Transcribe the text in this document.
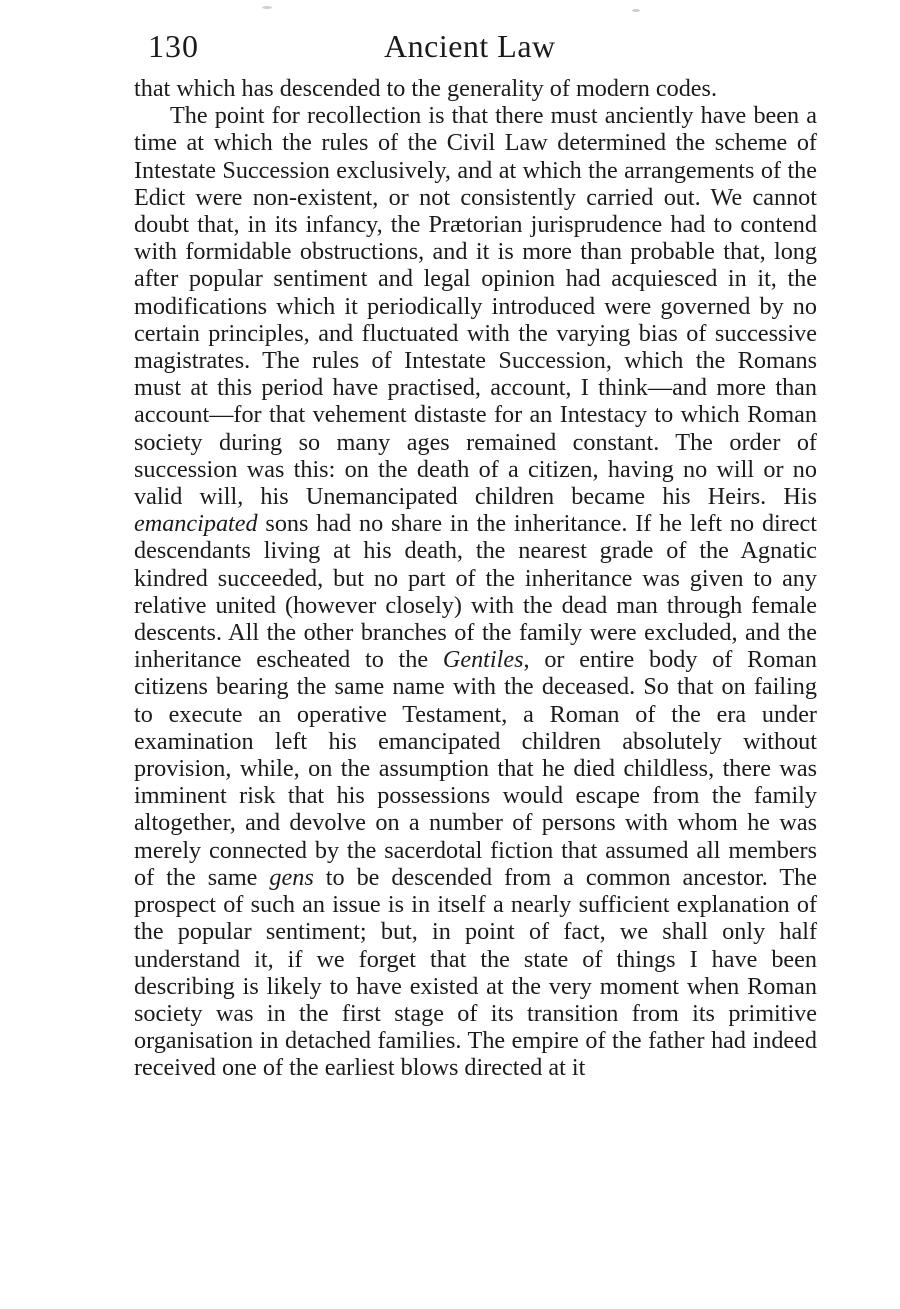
130	Ancient Law

that which has descended to the generality of modern codes.

The point for recollection is that there must anciently have been a time at which the rules of the Civil Law determined the scheme of Intestate Succession exclusively, and at which the arrangements of the Edict were non-existent, or not consistently carried out. We cannot doubt that, in its infancy, the Prætorian jurisprudence had to contend with formidable obstructions, and it is more than probable that, long after popular sentiment and legal opinion had acquiesced in it, the modifications which it periodically introduced were governed by no certain principles, and fluctuated with the varying bias of successive magistrates. The rules of Intestate Succession, which the Romans must at this period have practised, account, I think—and more than account—for that vehement distaste for an Intestacy to which Roman society during so many ages remained constant. The order of succession was this: on the death of a citizen, having no will or no valid will, his Unemancipated children became his Heirs. His emancipated sons had no share in the inheritance. If he left no direct descendants living at his death, the nearest grade of the Agnatic kindred succeeded, but no part of the inheritance was given to any relative united (however closely) with the dead man through female descents. All the other branches of the family were excluded, and the inheritance escheated to the Gentiles, or entire body of Roman citizens bearing the same name with the deceased. So that on failing to execute an operative Testament, a Roman of the era under examination left his emancipated children absolutely without provision, while, on the assumption that he died childless, there was imminent risk that his possessions would escape from the family altogether, and devolve on a number of persons with whom he was merely connected by the sacerdotal fiction that assumed all members of the same gens to be descended from a common ancestor. The prospect of such an issue is in itself a nearly sufficient explanation of the popular sentiment; but, in point of fact, we shall only half understand it, if we forget that the state of things I have been describing is likely to have existed at the very moment when Roman society was in the first stage of its transition from its primitive organisation in detached families. The empire of the father had indeed received one of the earliest blows directed at it
